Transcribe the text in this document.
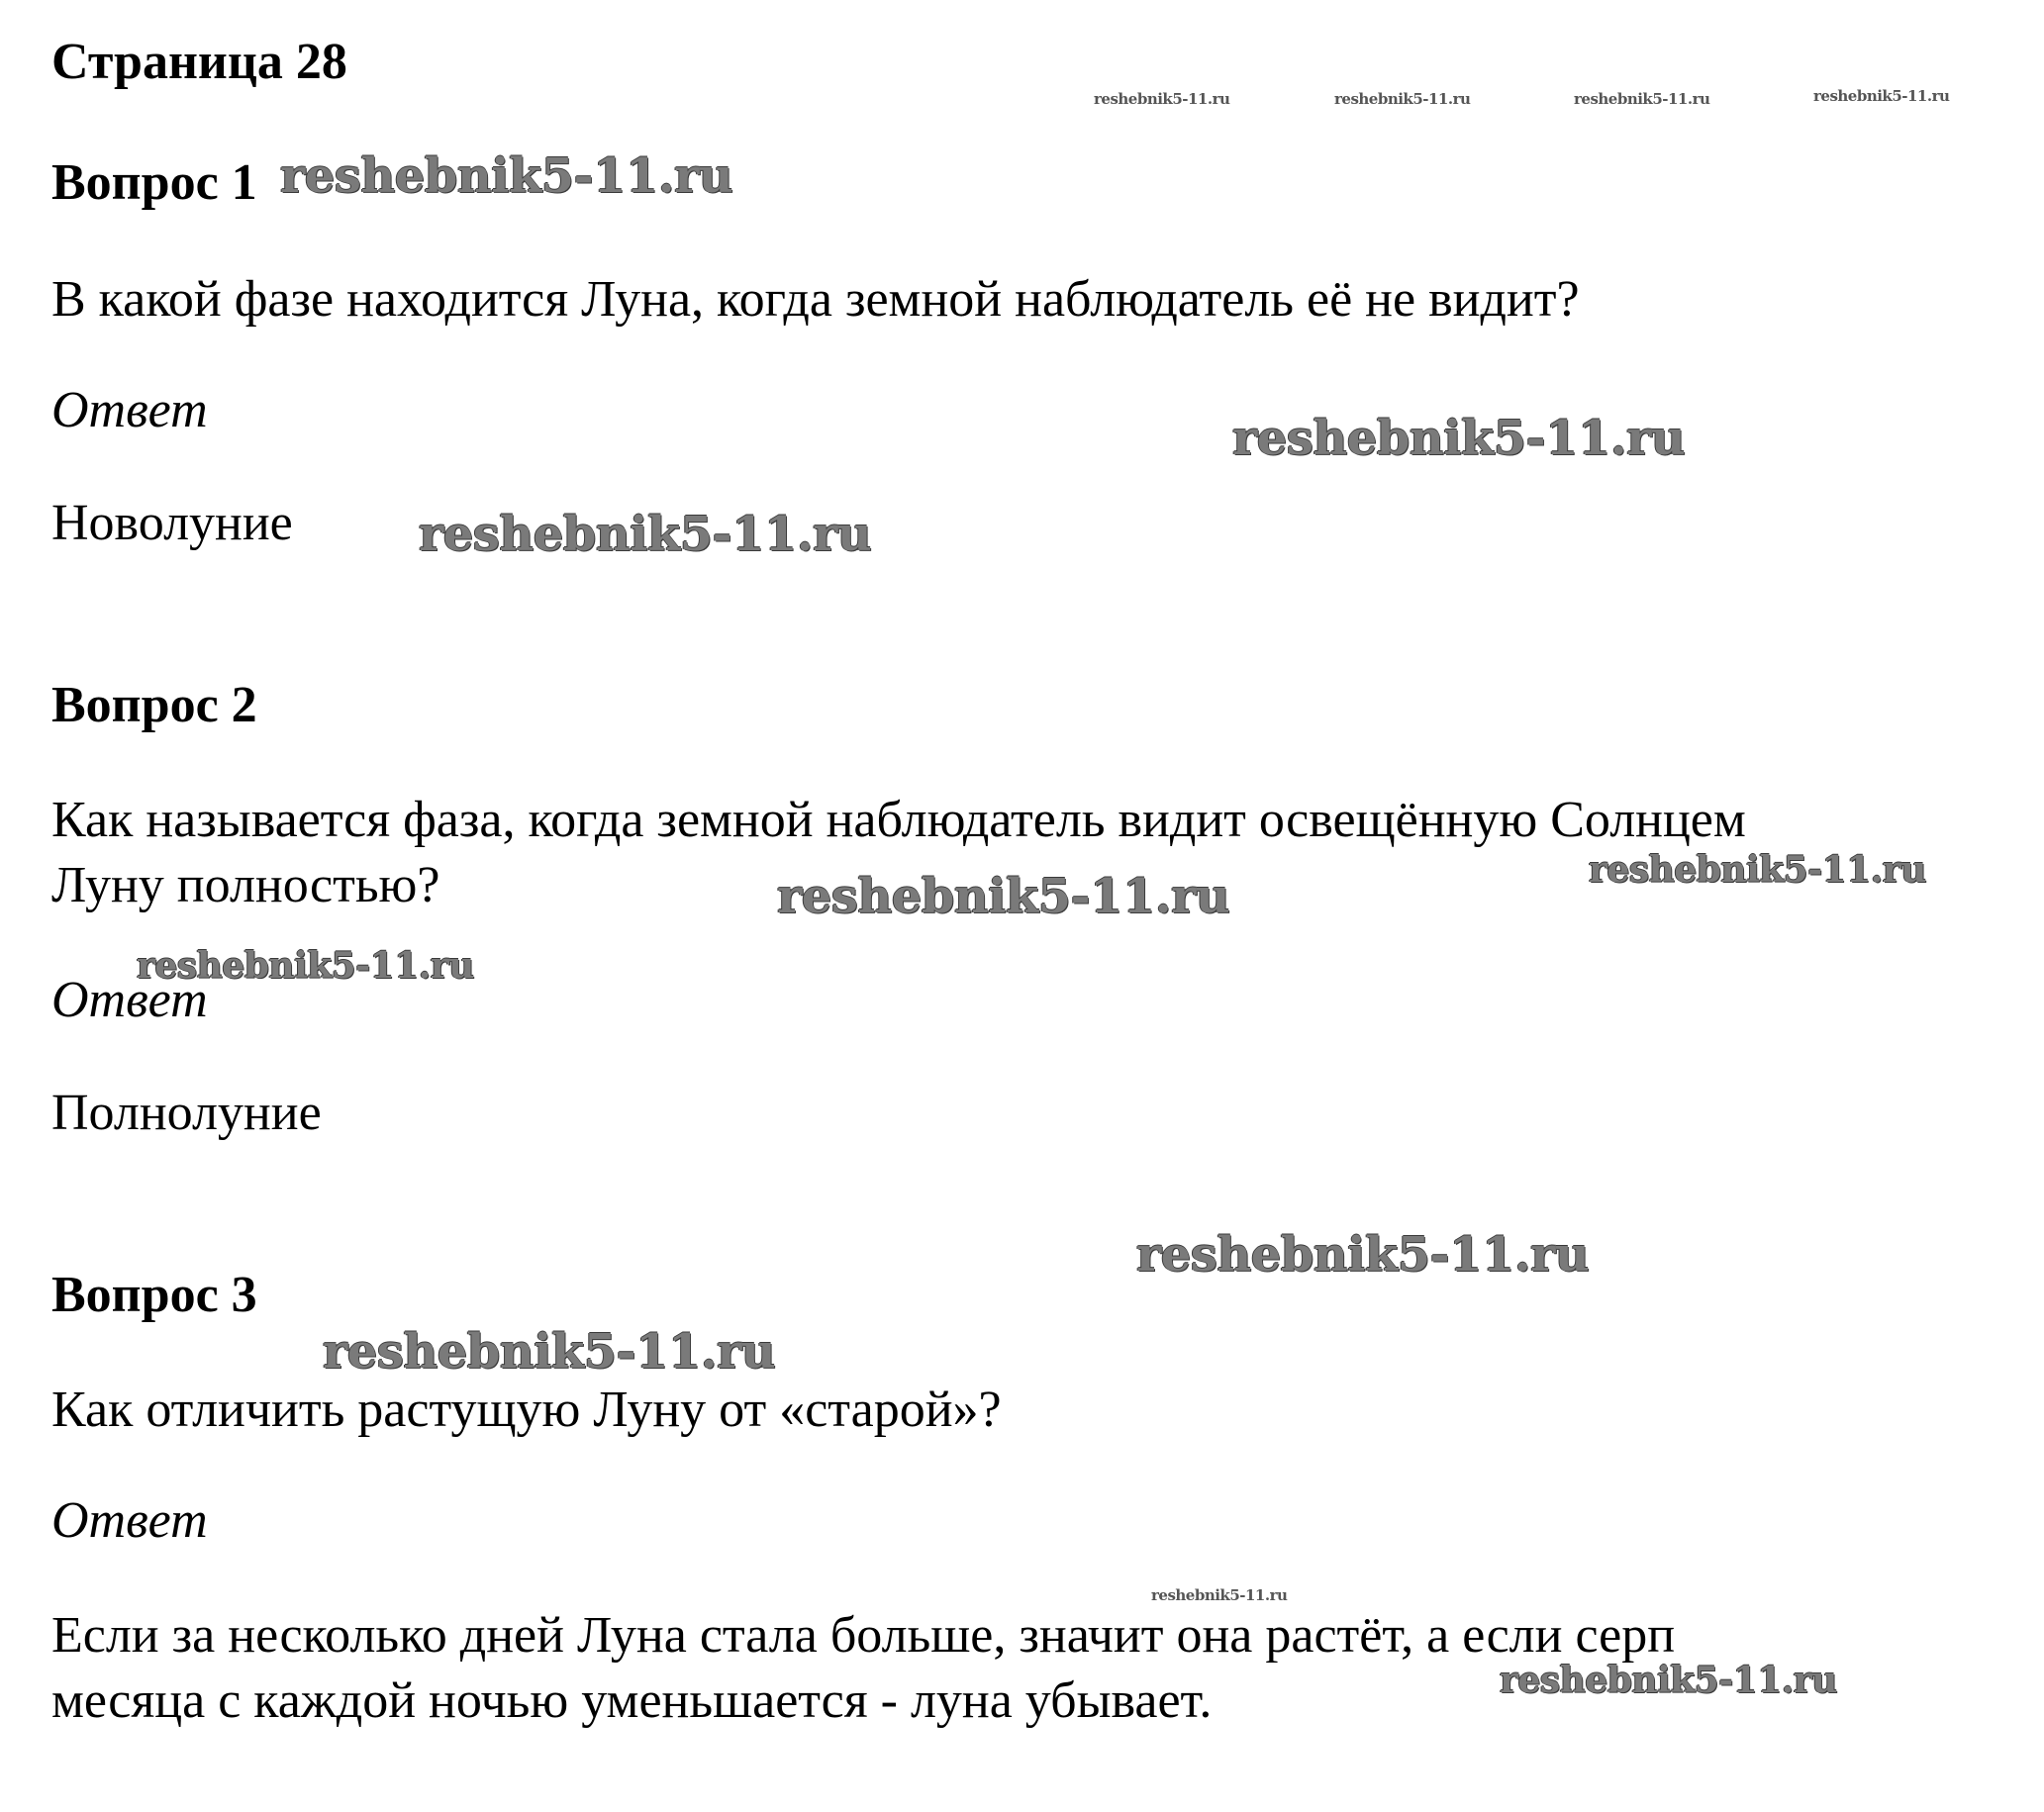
Страница 28
Вопрос 1

В какой фазе находится Луна, когда земной наблюдатель её не видит?

Ответ

Новолуние

Вопрос 2

Как называется фаза, когда земной наблюдатель видит освещённую Солнцем

Луну полностью?

Ответ

Полнолуние

Вопрос 3

Как отличить растущую Луну от «старой»?

Ответ

Если за несколько дней Луна стала больше, значит она растёт, а если серп

месяца с каждой ночью уменьшается - луна убывает.

reshebnik5-11.ru	reshebnik5-11.ru	reshebnik5-11.ru	reshebnik5-11.ru
reshebnik5-11.ru
reshebnik5-11.ru
reshebnik5-11.ru
reshebnik5-11.ru
reshebnik5-11.ru
reshebnik5-11.ru
reshebnik5-11.ru
reshebnik5-11.ru
reshebnik5-11.ru
reshebnik5-11.ru
